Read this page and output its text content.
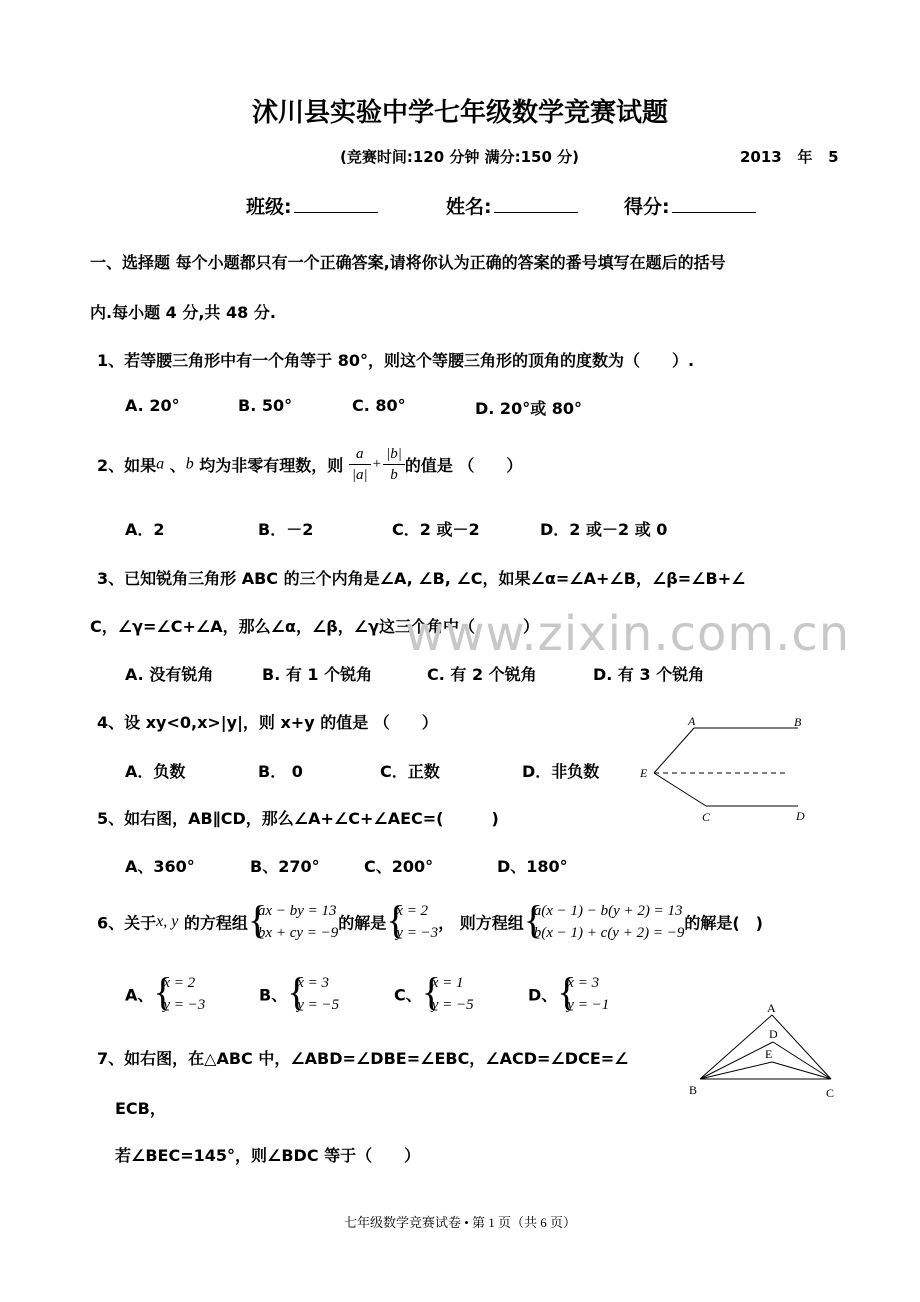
沭川县实验中学七年级数学竞赛试题
(竞赛时间:120 分钟 满分:150 分)	2013 年 5
班级:	姓名:	得分:
一、选择题 每个小题都只有一个正确答案,请将你认为正确的答案的番号填写在题后的括号
内.每小题 4 分,共 48 分.
1、若等腰三角形中有一个角等于 80°，则这个等腰三角形的顶角的度数为（　　）.
A. 20°	B. 50°	C. 80°	D. 20°或 80°
2、如果a 、b 均为非零有理数，则 $\frac{a}{|a|} + \frac{|b|}{b}$ 的值是 （　　）
A．2	B．－2	C．2 或－2	D．2 或－2 或 0
3、已知锐角三角形 ABC 的三个内角是∠A, ∠B, ∠C，如果∠α=∠A+∠B，∠β=∠B+∠
C，∠γ=∠C+∠A，那么∠α，∠β，∠γ这三个角中（　　　）
www.zixin.com.cn
A. 没有锐角	B. 有 1 个锐角	C. 有 2 个锐角	D. 有 3 个锐角
4、设 xy<0,x>|y|，则 x+y 的值是 （　　）
A．负数	B． 0	C．正数	D．非负数
A	B
E
C	D
5、如右图，AB∥CD，那么∠A+∠C+∠AEC=(　　　)
A、360°	B、270°	C、200°	D、180°
6、关于x, y 的方程组 {
ax − by = 13
bx + cy = −9
的解是 {
x = 2
y = −3
， 则方程组 {
a(x − 1) − b(y + 2) = 13
b(x − 1) + c(y + 2) = −9
的解是(　)
A、 {
x = 2
y = −3
B、 {
x = 3
y = −5
C、 {
x = 1
y = −5
D、 {
x = 3
y = −1	A
D
E
B	C
7、如右图，在△ABC 中，∠ABD=∠DBE=∠EBC，∠ACD=∠DCE=∠
ECB，
若∠BEC=145°，则∠BDC 等于（　　）
七年级数学竞赛试卷 • 第 1 页（共 6 页）
